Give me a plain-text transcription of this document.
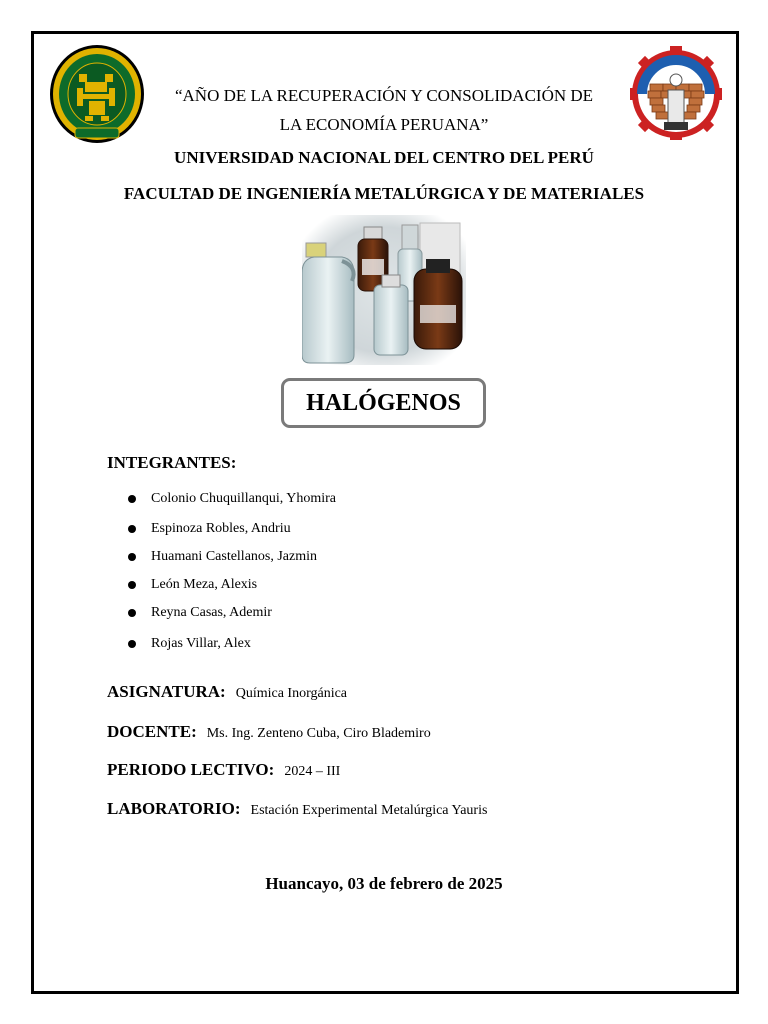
“AÑO DE LA RECUPERACIÓN Y CONSOLIDACIÓN DE
LA ECONOMÍA PERUANA”
UNIVERSIDAD NACIONAL DEL CENTRO DEL PERÚ
FACULTAD DE INGENIERÍA METALÚRGICA Y DE MATERIALES
HALÓGENOS
INTEGRANTES:
Colonio Chuquillanqui, Yhomira
Espinoza Robles, Andriu
Huamani Castellanos, Jazmin
León Meza, Alexis
Reyna Casas, Ademir
Rojas Villar, Alex
ASIGNATURA: Química Inorgánica
DOCENTE: Ms. Ing. Zenteno Cuba, Ciro Blademiro
PERIODO LECTIVO: 2024 – III
LABORATORIO: Estación Experimental Metalúrgica Yauris
Huancayo, 03 de febrero de 2025
